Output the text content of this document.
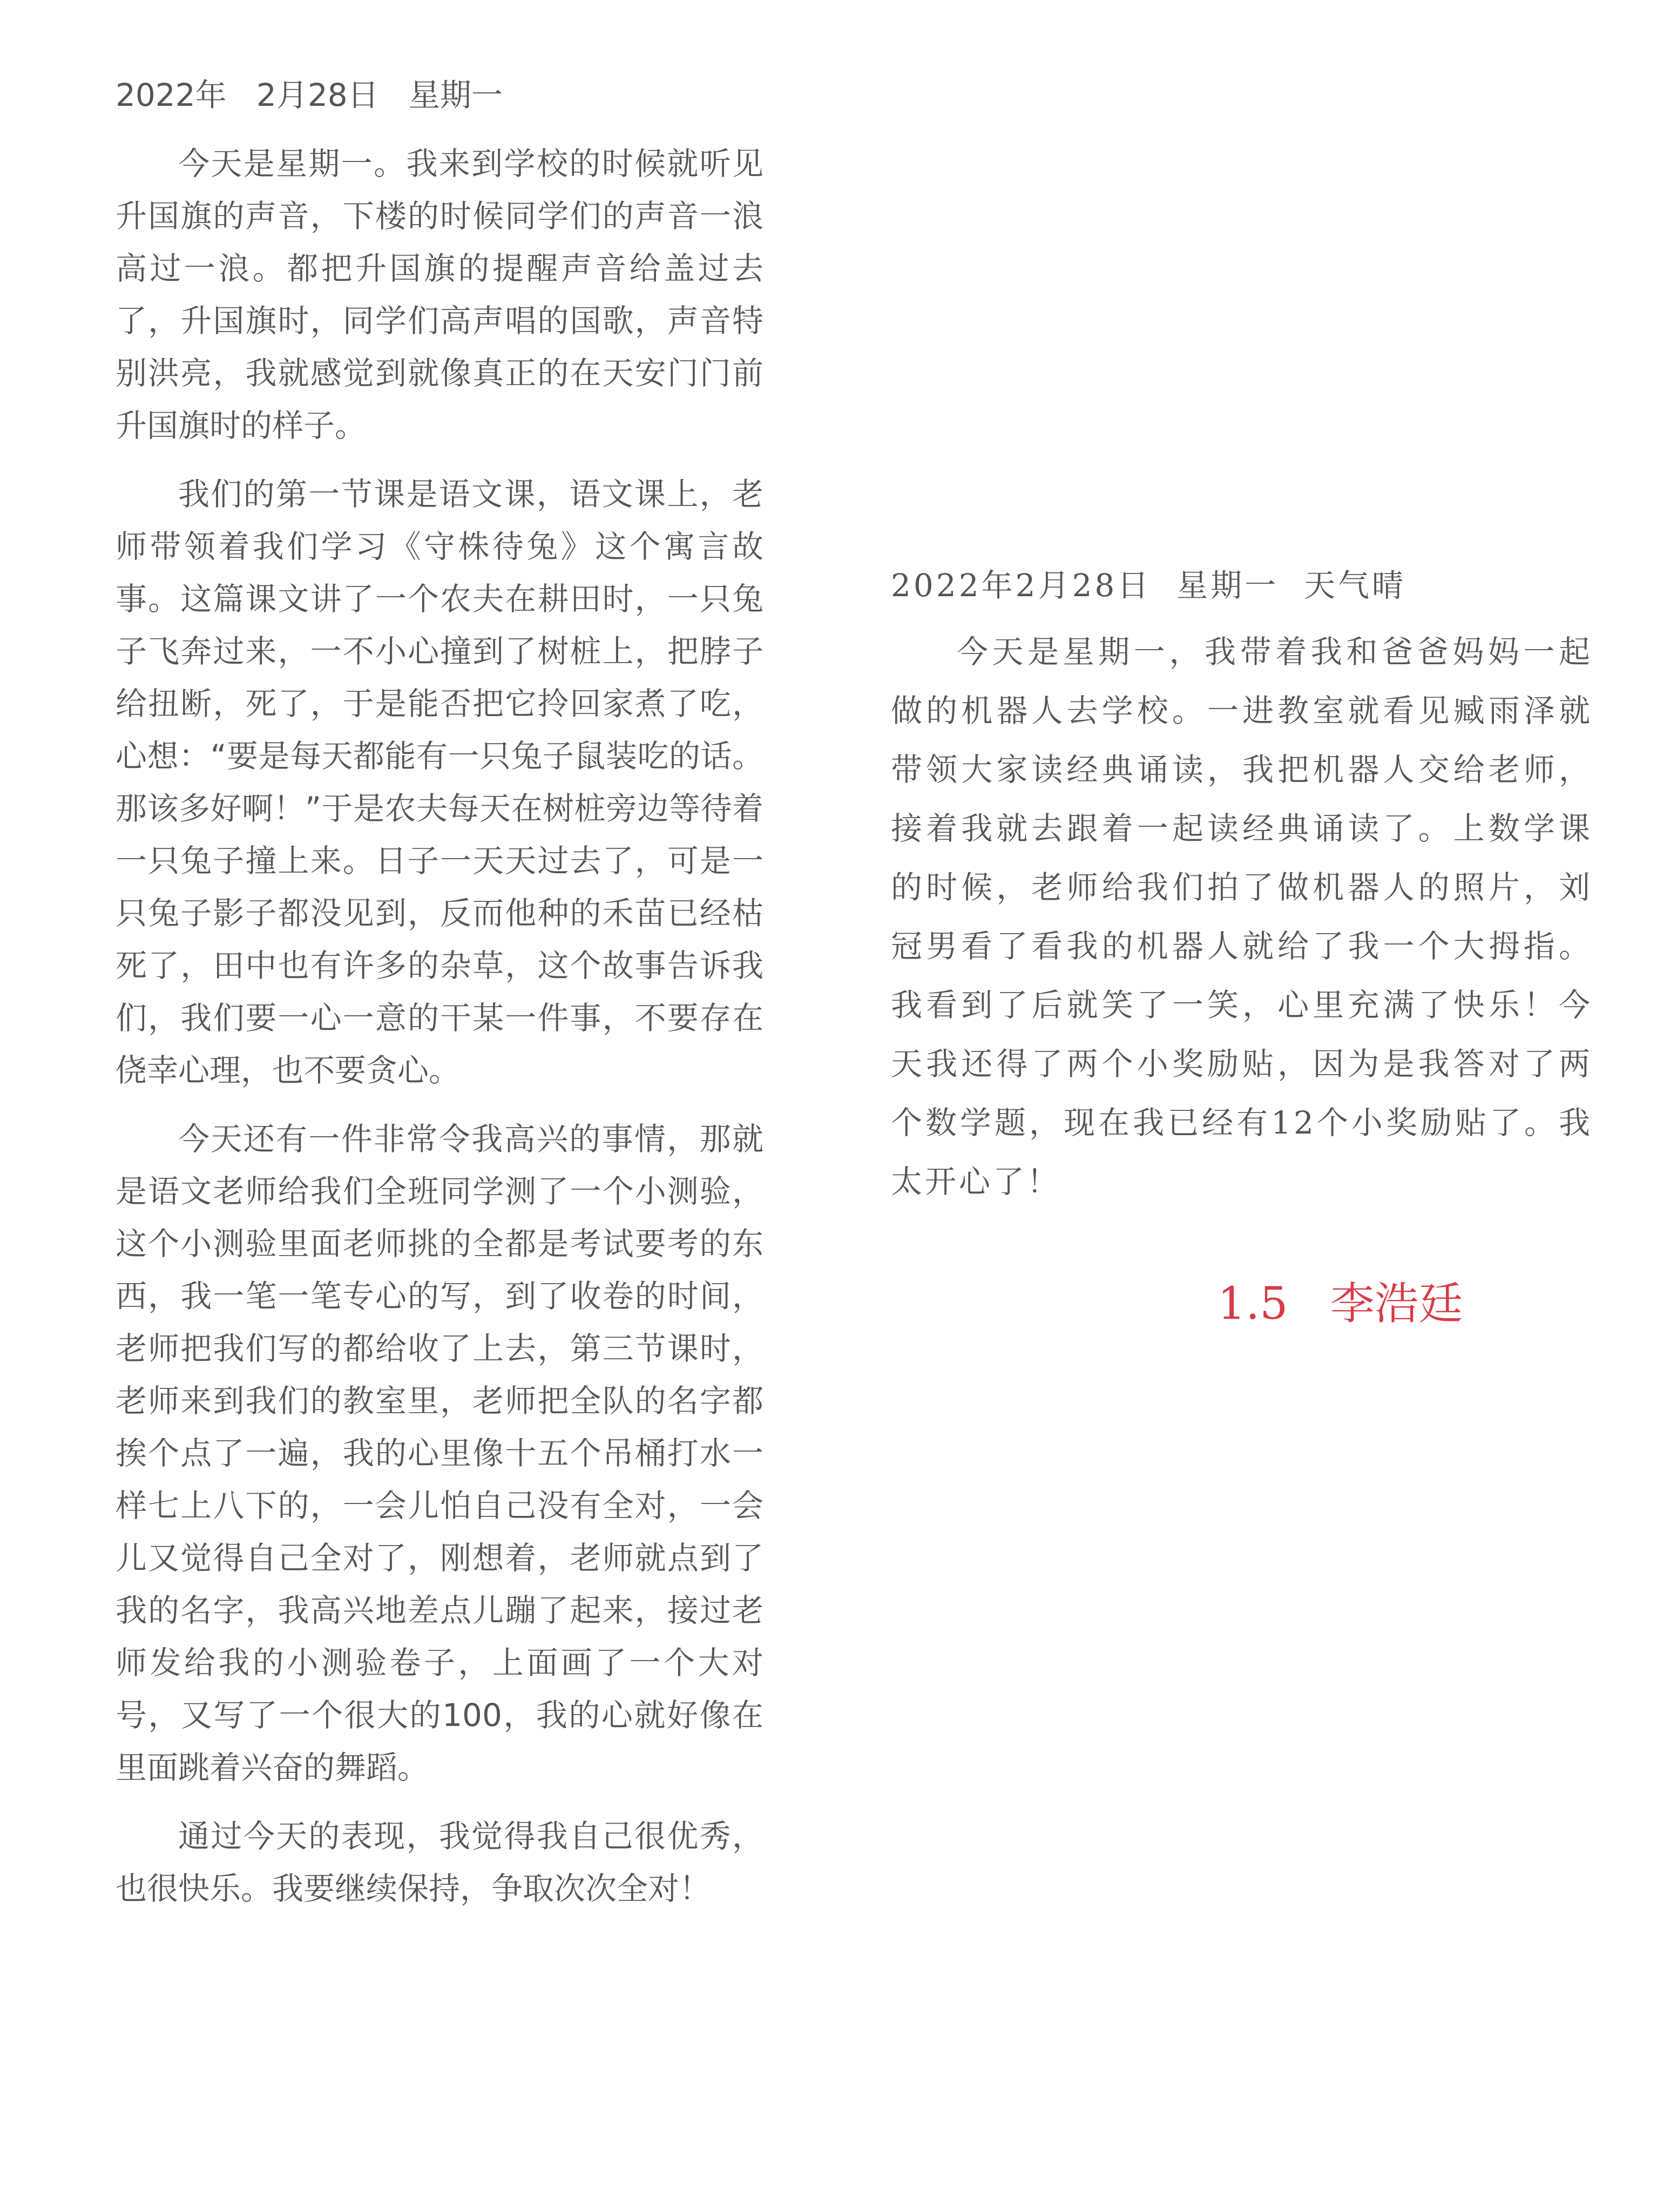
2022年   2月28日   星期一

今天是星期一。我来到学校的时候就听见升国旗的声音，下楼的时候同学们的声音一浪高过一浪。都把升国旗的提醒声音给盖过去了，升国旗时，同学们高声唱的国歌，声音特别洪亮，我就感觉到就像真正的在天安门门前升国旗时的样子。

我们的第一节课是语文课，语文课上，老师带领着我们学习《守株待兔》这个寓言故事。这篇课文讲了一个农夫在耕田时，一只兔子飞奔过来，一不小心撞到了树桩上，把脖子给扭断，死了，于是能否把它拎回家煮了吃，心想：“要是每天都能有一只兔子鼠装吃的话。那该多好啊！”于是农夫每天在树桩旁边等待着一只兔子撞上来。日子一天天过去了，可是一只兔子影子都没见到，反而他种的禾苗已经枯死了，田中也有许多的杂草，这个故事告诉我们，我们要一心一意的干某一件事，不要存在侥幸心理，也不要贪心。

今天还有一件非常令我高兴的事情，那就是语文老师给我们全班同学测了一个小测验，这个小测验里面老师挑的全都是考试要考的东西，我一笔一笔专心的写，到了收卷的时间，老师把我们写的都给收了上去，第三节课时，老师来到我们的教室里，老师把全队的名字都挨个点了一遍，我的心里像十五个吊桶打水一样七上八下的，一会儿怕自己没有全对，一会儿又觉得自己全对了，刚想着，老师就点到了我的名字，我高兴地差点儿蹦了起来，接过老师发给我的小测验卷子，上面画了一个大对号，又写了一个很大的100，我的心就好像在里面跳着兴奋的舞蹈。

通过今天的表现，我觉得我自己很优秀，也很快乐。我要继续保持，争取次次全对！

2022年2月28日  星期一  天气晴

今天是星期一，我带着我和爸爸妈妈一起做的机器人去学校。一进教室就看见臧雨泽就带领大家读经典诵读，我把机器人交给老师，接着我就去跟着一起读经典诵读了。上数学课的时候，老师给我们拍了做机器人的照片，刘冠男看了看我的机器人就给了我一个大拇指。我看到了后就笑了一笑，心里充满了快乐！今天我还得了两个小奖励贴，因为是我答对了两个数学题，现在我已经有12个小奖励贴了。我太开心了！

1.5   李浩廷
